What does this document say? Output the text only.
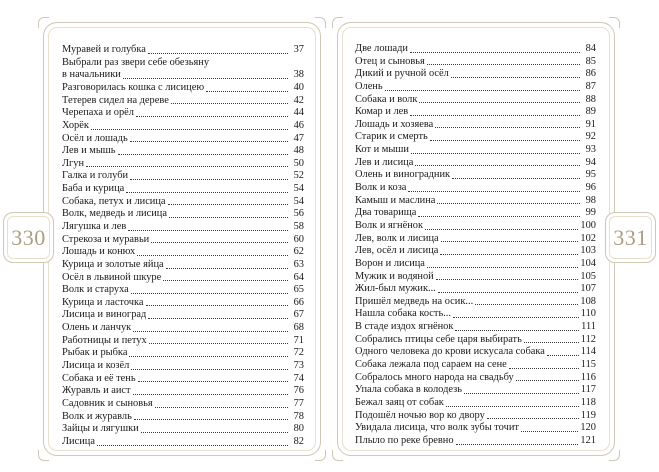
Муравей и голубка	37
Выбрали раз звери себе обезьяну
в начальники	38
Разговорилась кошка с лисицею	40
Тетерев сидел на дереве	42
Черепаха и орёл	44
Хорёк	46
Осёл и лошадь	47
Лев и мышь	48
Лгун	50
Галка и голуби	52
Баба и курица	54
Собака, петух и лисица	54
Волк, медведь и лисица	56
Лягушка и лев	58
Стрекоза и муравьи	60
Лошадь и конюх	62
Курица и золотые яйца	63
Осёл в львиной шкуре	64
Волк и старуха	65
Курица и ласточка	66
Лисица и виноград	67
Олень и ланчук	68
Работницы и петух	71
Рыбак и рыбка	72
Лисица и козёл	73
Собака и её тень	74
Журавль и аист	76
Садовник и сыновья	77
Волк и журавль	78
Зайцы и лягушки	80
Лисица	82
Две лошади	84
Отец и сыновья	85
Дикий и ручной осёл	86
Олень	87
Собака и волк	88
Комар и лев	89
Лошадь и хозяева	91
Старик и смерть	92
Кот и мыши	93
Лев и лисица	94
Олень и виноградник	95
Волк и коза	96
Камыш и маслина	98
Два товарища	99
Волк и ягнёнок	100
Лев, волк и лисица	102
Лев, осёл и лисица	103
Ворон и лисица	104
Мужик и водяной	105
Жил-был мужик...	107
Пришёл медведь на осик...	108
Нашла собака кость...	110
В стаде издох ягнёнок	111
Собрались птицы себе царя выбирать	112
Одного человека до крови искусала собака	114
Собака лежала под сараем на сене	115
Собралось много народа на свадьбу	116
Упала собака в колодезь	117
Бежал заяц от собак	118
Подошёл ночью вор ко двору	119
Увидала лисица, что волк зубы точит	120
Плыло по реке бревно	121
330	331
